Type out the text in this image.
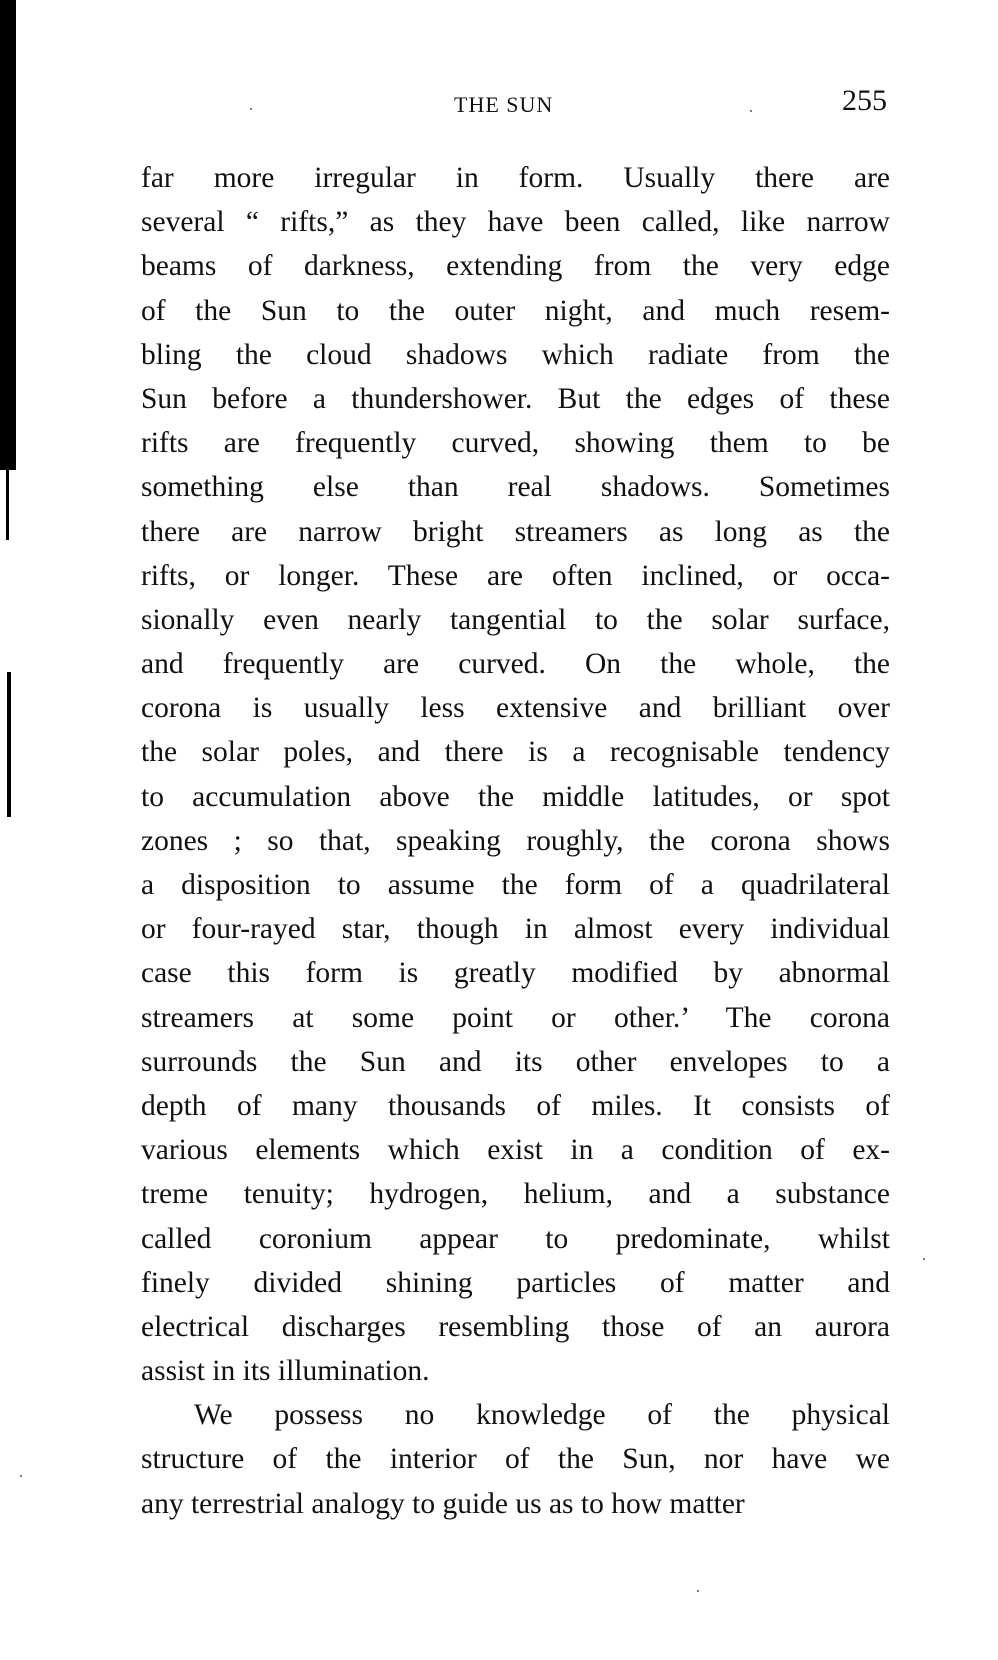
THE SUN	255
far more irregular in form. Usually there are
several “ rifts,” as they have been called, like narrow
beams of darkness, extending from the very edge
of the Sun to the outer night, and much resem-
bling the cloud shadows which radiate from the
Sun before a thundershower. But the edges of these
rifts are frequently curved, showing them to be
something else than real shadows. Sometimes
there are narrow bright streamers as long as the
rifts, or longer. These are often inclined, or occa-
sionally even nearly tangential to the solar surface,
and frequently are curved. On the whole, the
corona is usually less extensive and brilliant over
the solar poles, and there is a recognisable tendency
to accumulation above the middle latitudes, or spot
zones ; so that, speaking roughly, the corona shows
a disposition to assume the form of a quadrilateral
or four-rayed star, though in almost every individual
case this form is greatly modified by abnormal
streamers at some point or other.’ The corona
surrounds the Sun and its other envelopes to a
depth of many thousands of miles. It consists of
various elements which exist in a condition of ex-
treme tenuity; hydrogen, helium, and a substance
called coronium appear to predominate, whilst
finely divided shining particles of matter and
electrical discharges resembling those of an aurora
assist in its illumination.
We possess no knowledge of the physical
structure of the interior of the Sun, nor have we
any terrestrial analogy to guide us as to how matter
